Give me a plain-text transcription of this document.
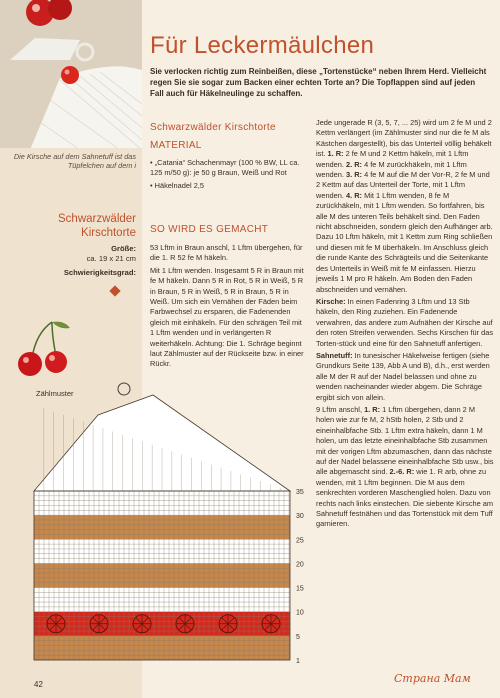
Die Kirsche auf dem Sahnetuff ist das Tüpfelchen auf dem i
Schwarzwälder Kirschtorte
Größe:
ca. 19 x 21 cm
Schwierigkeitsgrad:
Für Leckermäulchen
Sie verlocken richtig zum Reinbeißen, diese „Tortenstücke“ neben Ihrem Herd. Vielleicht regen Sie sie sogar zum Backen einer echten Torte an? Die Topflappen sind auf jeden Fall auch für Häkelneulinge zu schaffen.
Schwarzwälder Kirschtorte
MATERIAL

• „Catania“ Schachenmayr (100 % BW, LL ca. 125 m/50 g): je 50 g Braun, Weiß und Rot

• Häkelnadel 2,5

SO WIRD ES GEMACHT

53 Lftm in Braun anschl, 1 Lftm übergehen, für die 1. R 52 fe M häkeln.

Mit 1 Lftm wenden. Insgesamt 5 R in Braun mit fe M häkeln. Dann 5 R in Rot, 5 R in Weiß, 5 R in Braun, 5 R in Weiß, 5 R in Braun, 5 R in Weiß. Um sich ein Vernähen der Fäden beim Farbwechsel zu ersparen, die Fadenenden gleich mit einhäkeln. Für den schrägen Teil mit 1 Lftm wenden und in verlängerten R weiterhäkeln. Achtung: Die 1. Schräge beginnt laut Zählmuster auf der Rückseite bzw. in einer Rückr.

Jede ungerade R (3, 5, 7, ... 25) wird um 2 fe M und 2 Kettm verlängert (im Zählmuster sind nur die fe M als Kästchen dargestellt), bis das Unterteil völlig behäkelt ist. 1. R: 2 fe M und 2 Kettm häkeln, mit 1 Lftm wenden. 2. R: 4 fe M zurückhäkeln, mit 1 Lftm wenden. 3. R: 4 fe M auf die M der Vor-R, 2 fe M und 2 Kettm auf das Unterteil der Torte, mit 1 Lftm wenden. 4. R: Mit 1 Lftm wenden, 8 fe M zurückhäkeln, mit 1 Lftm wenden. So fortfahren, bis alle M des unteren Teils behäkelt sind. Den Faden nicht abschneiden, sondern gleich den Aufhänger arb. Dazu 10 Lftm häkeln, mit 1 Kettm zum Ring schließen und diesen mit fe M überhäkeln. Im Anschluss gleich die runde Kante des Schrägteils und die Seitenkante des Unterteils in Weiß mit fe M einfassen. Hierzu jeweils 1 M pro R häkeln. Am Boden den Faden abschneiden und vernähen.

Kirsche: In einen Fadenring 3 Lftm und 13 Stb häkeln, den Ring zuziehen. Ein Fadenende verwahren, das andere zum Aufnähen der Kirsche auf den roten Streifen verwenden. Sechs Kirschen für das Torten-stück und eine für den Sahnetuff anfertigen.

Sahnetuff: In tunesischer Häkelweise fertigen (siehe Grundkurs Seite 139, Abb A und B), d.h., erst werden alle M der R auf der Nadel belassen und ohne zu wenden nacheinander wieder abgem. Die Schräge ergibt sich von allein.

9 Lftm anschl, 1. R: 1 Lftm übergehen, dann 2 M holen wie zur fe M, 2 hStb holen, 2 Stb und 2 eineinhalbfache Stb. 1 Lftm extra häkeln, dann 1 M holen, um das letzte eineinhalbfache Stb zusammen mit der vorigen Lftm abzumaschen, dann das nächste auf der Nadel belassene eineinhalbfache Stb usw., bis alle abgemascht sind. 2.-6. R: wie 1. R arb, ohne zu wenden, mit 1 Lftm beginnen. Die M aus dem senkrechten vorderen Maschenglied holen. Dazu von rechts nach links einstechen. Die siebente Kirsche am Sahnetuff festnähen und das Tortenstück mit dem Tuff garnieren.

Zählmuster
35
30
25
20
15
10
5
1
42	Страна Мам
